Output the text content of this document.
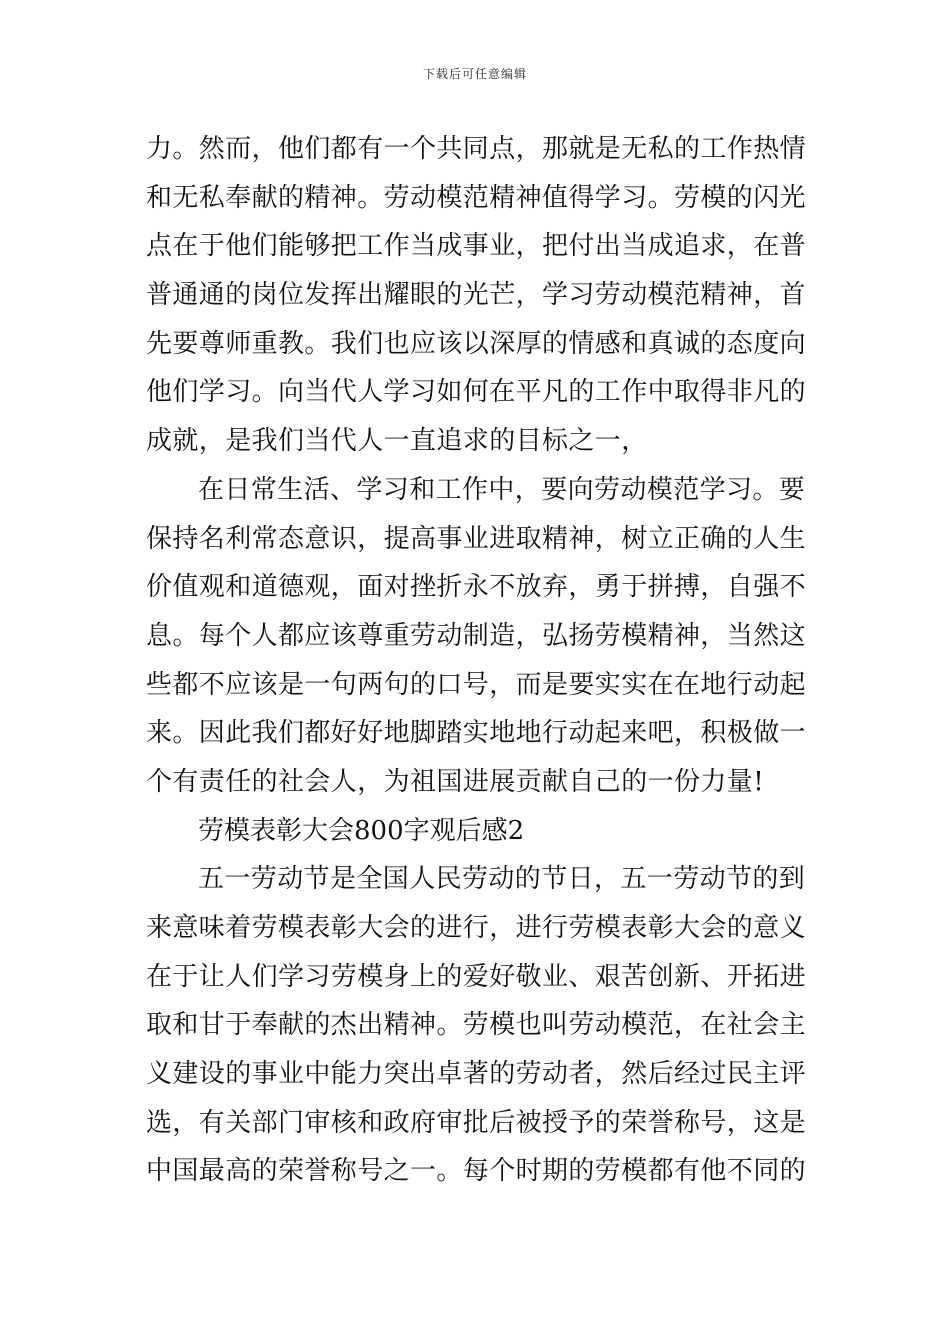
下载后可任意编辑
力。然而，他们都有一个共同点，那就是无私的工作热情
和无私奉献的精神。劳动模范精神值得学习。劳模的闪光
点在于他们能够把工作当成事业，把付出当成追求，在普
普通通的岗位发挥出耀眼的光芒，学习劳动模范精神，首
先要尊师重教。我们也应该以深厚的情感和真诚的态度向
他们学习。向当代人学习如何在平凡的工作中取得非凡的
成就，是我们当代人一直追求的目标之一，
在日常生活、学习和工作中，要向劳动模范学习。要
保持名利常态意识，提高事业进取精神，树立正确的人生
价值观和道德观，面对挫折永不放弃，勇于拼搏，自强不
息。每个人都应该尊重劳动制造，弘扬劳模精神，当然这
些都不应该是一句两句的口号，而是要实实在在地行动起
来。因此我们都好好地脚踏实地地行动起来吧，积极做一
个有责任的社会人，为祖国进展贡献自己的一份力量!
劳模表彰大会800字观后感2
五一劳动节是全国人民劳动的节日，五一劳动节的到
来意味着劳模表彰大会的进行，进行劳模表彰大会的意义
在于让人们学习劳模身上的爱好敬业、艰苦创新、开拓进
取和甘于奉献的杰出精神。劳模也叫劳动模范，在社会主
义建设的事业中能力突出卓著的劳动者，然后经过民主评
选，有关部门审核和政府审批后被授予的荣誉称号，这是
中国最高的荣誉称号之一。每个时期的劳模都有他不同的
